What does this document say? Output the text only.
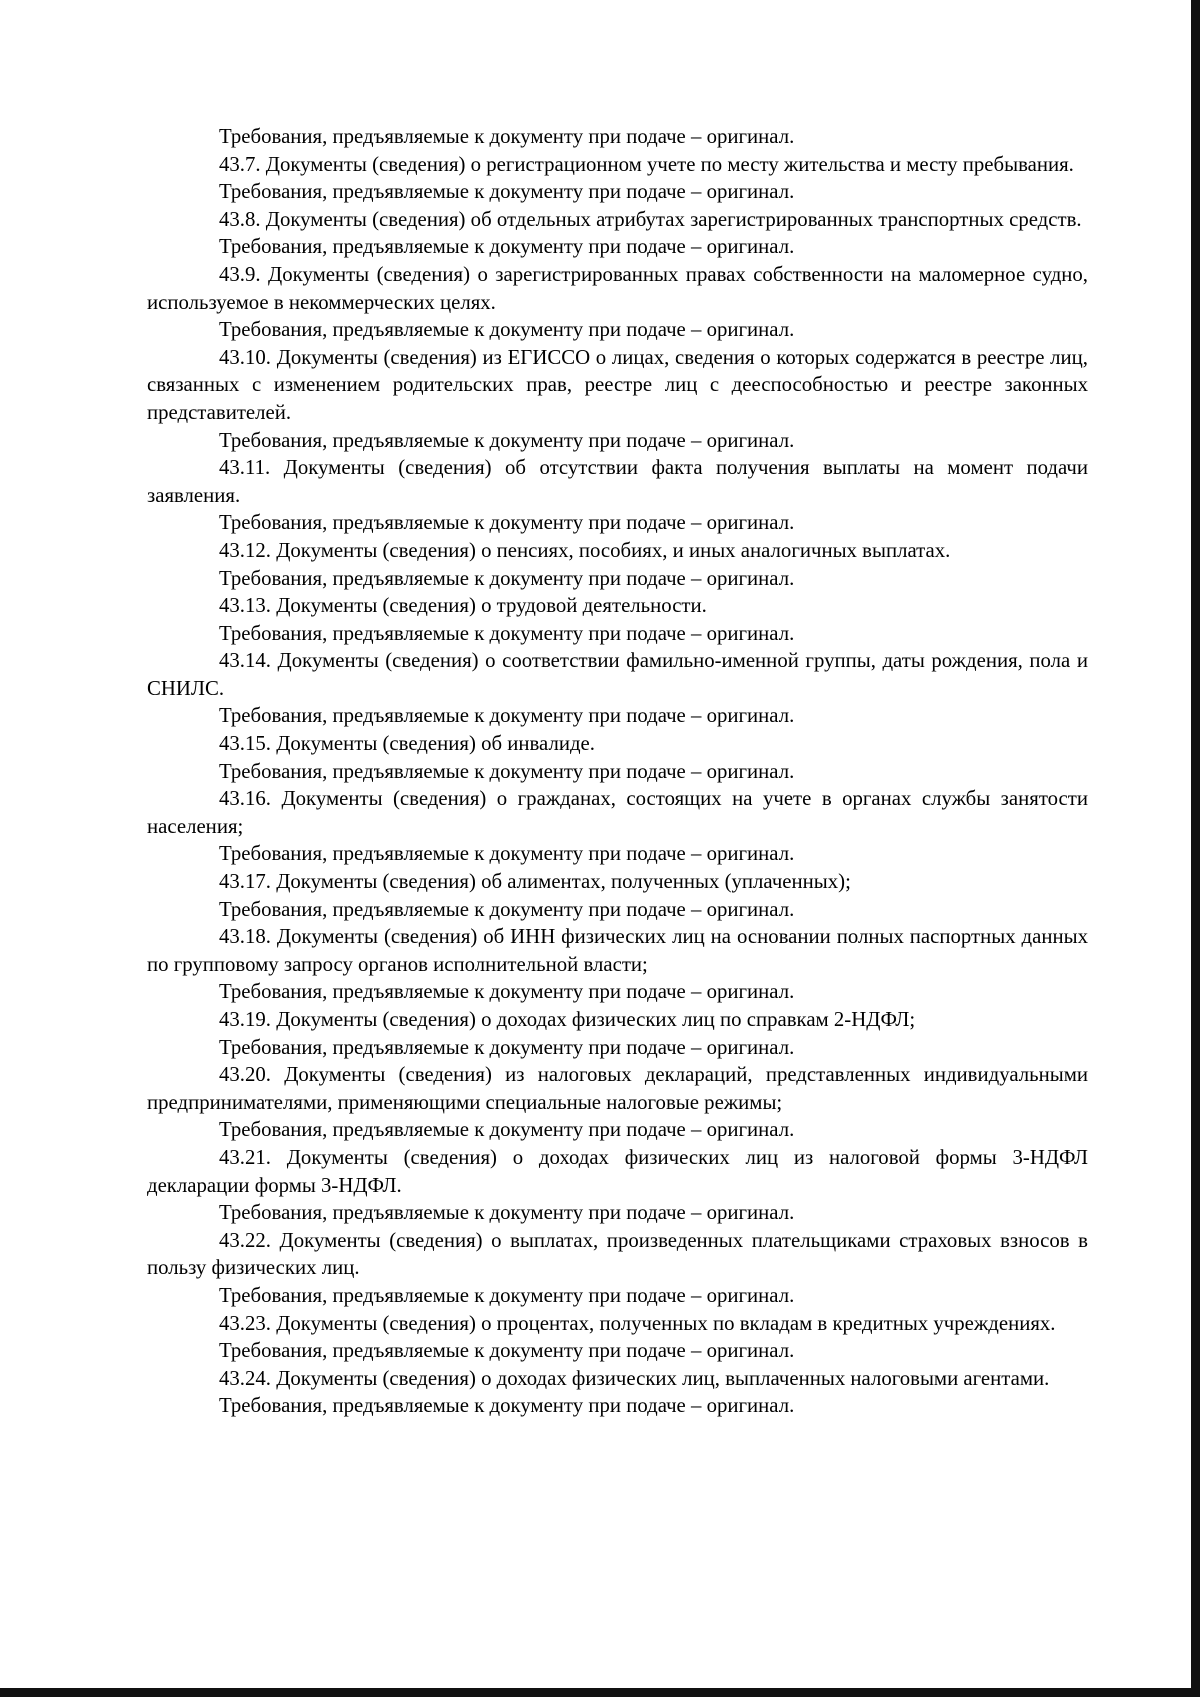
Требования, предъявляемые к документу при подаче – оригинал.

43.7. Документы (сведения) о регистрационном учете по месту жительства и месту пребывания.

Требования, предъявляемые к документу при подаче – оригинал.

43.8. Документы (сведения) об отдельных атрибутах зарегистрированных транспортных средств.

Требования, предъявляемые к документу при подаче – оригинал.

43.9. Документы (сведения) о зарегистрированных правах собственности на маломерное судно, используемое в некоммерческих целях.

Требования, предъявляемые к документу при подаче – оригинал.

43.10. Документы (сведения) из ЕГИССО о лицах, сведения о которых содержатся в реестре лиц, связанных с изменением родительских прав, реестре лиц с дееспособностью и реестре законных представителей.

Требования, предъявляемые к документу при подаче – оригинал.

43.11. Документы (сведения) об отсутствии факта получения выплаты на момент подачи заявления.

Требования, предъявляемые к документу при подаче – оригинал.

43.12. Документы (сведения) о пенсиях, пособиях, и иных аналогичных выплатах.

Требования, предъявляемые к документу при подаче – оригинал.

43.13. Документы (сведения) о трудовой деятельности.

Требования, предъявляемые к документу при подаче – оригинал.

43.14. Документы (сведения) о соответствии фамильно-именной группы, даты рождения, пола и СНИЛС.

Требования, предъявляемые к документу при подаче – оригинал.

43.15. Документы (сведения) об инвалиде.

Требования, предъявляемые к документу при подаче – оригинал.

43.16. Документы (сведения) о гражданах, состоящих на учете в органах службы занятости населения;

Требования, предъявляемые к документу при подаче – оригинал.

43.17. Документы (сведения) об алиментах, полученных (уплаченных);

Требования, предъявляемые к документу при подаче – оригинал.

43.18. Документы (сведения) об ИНН физических лиц на основании полных паспортных данных по групповому запросу органов исполнительной власти;

Требования, предъявляемые к документу при подаче – оригинал.

43.19. Документы (сведения) о доходах физических лиц по справкам 2-НДФЛ;

Требования, предъявляемые к документу при подаче – оригинал.

43.20. Документы (сведения) из налоговых деклараций, представленных индивидуальными предпринимателями, применяющими специальные налоговые режимы;

Требования, предъявляемые к документу при подаче – оригинал.

43.21. Документы (сведения) о доходах физических лиц из налоговой формы 3-НДФЛ декларации формы 3-НДФЛ.

Требования, предъявляемые к документу при подаче – оригинал.

43.22. Документы (сведения) о выплатах, произведенных плательщиками страховых взносов в пользу физических лиц.

Требования, предъявляемые к документу при подаче – оригинал.

43.23. Документы (сведения) о процентах, полученных по вкладам в кредитных учреждениях.

Требования, предъявляемые к документу при подаче – оригинал.

43.24. Документы (сведения) о доходах физических лиц, выплаченных налоговыми агентами.

Требования, предъявляемые к документу при подаче – оригинал.
